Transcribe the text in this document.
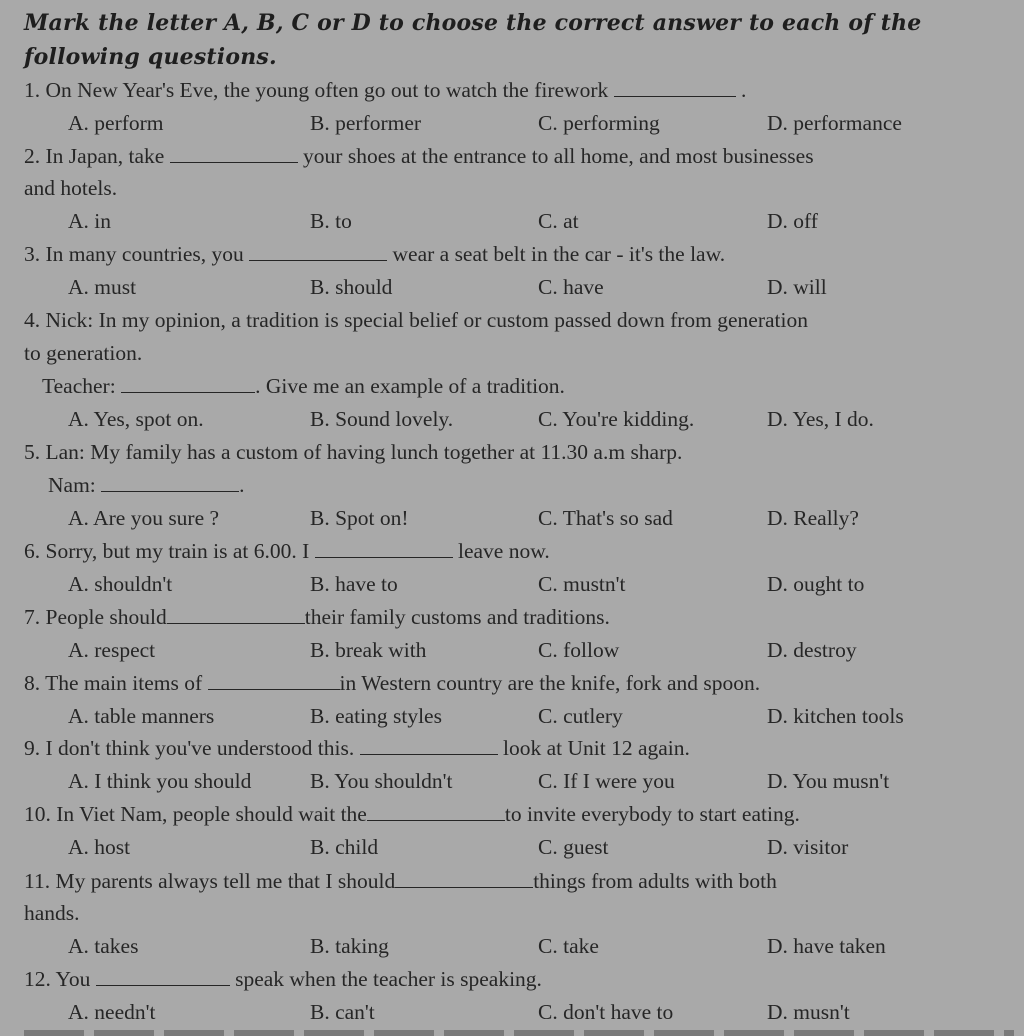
Mark the letter A, B, C or D to choose the correct answer to each of the following questions.
1. On New Year's Eve, the young often go out to watch the firework	.
A. perform	B. performer	C. performing	D. performance
2. In Japan, take	your shoes at the entrance to all home, and most businesses
and hotels.
A. in	B. to	C. at	D. off
3. In many countries, you	wear a seat belt in the car - it's the law.
A. must	B. should	C. have	D. will
4. Nick: In my opinion, a tradition is special belief or custom passed down from generation
to generation.
Teacher:	. Give me an example of a tradition.
A. Yes, spot on.	B. Sound lovely.	C. You're kidding.	D. Yes, I do.
5. Lan: My family has a custom of having lunch together at 11.30 a.m sharp.
Nam:	.
A. Are you sure ?	B. Spot on!	C. That's so sad	D. Really?
6. Sorry, but my train is at 6.00. I	leave now.
A. shouldn't	B. have to	C. mustn't	D. ought to
7. People should	their family customs and traditions.
A. respect	B. break with	C. follow	D. destroy
8. The main items of	in Western country are the knife, fork and spoon.
A. table manners	B. eating styles	C. cutlery	D. kitchen tools
9. I don't think you've understood this.	look at Unit 12 again.
A. I think you should	B. You shouldn't	C. If I were you	D. You musn't
10. In Viet Nam, people should wait the	to invite everybody to start eating.
A. host	B. child	C. guest	D. visitor
11. My parents always tell me that I should	things from adults with both
hands.
A. takes	B. taking	C. take	D. have taken
12. You	speak when the teacher is speaking.
A. needn't	B. can't	C. don't have to	D. musn't
